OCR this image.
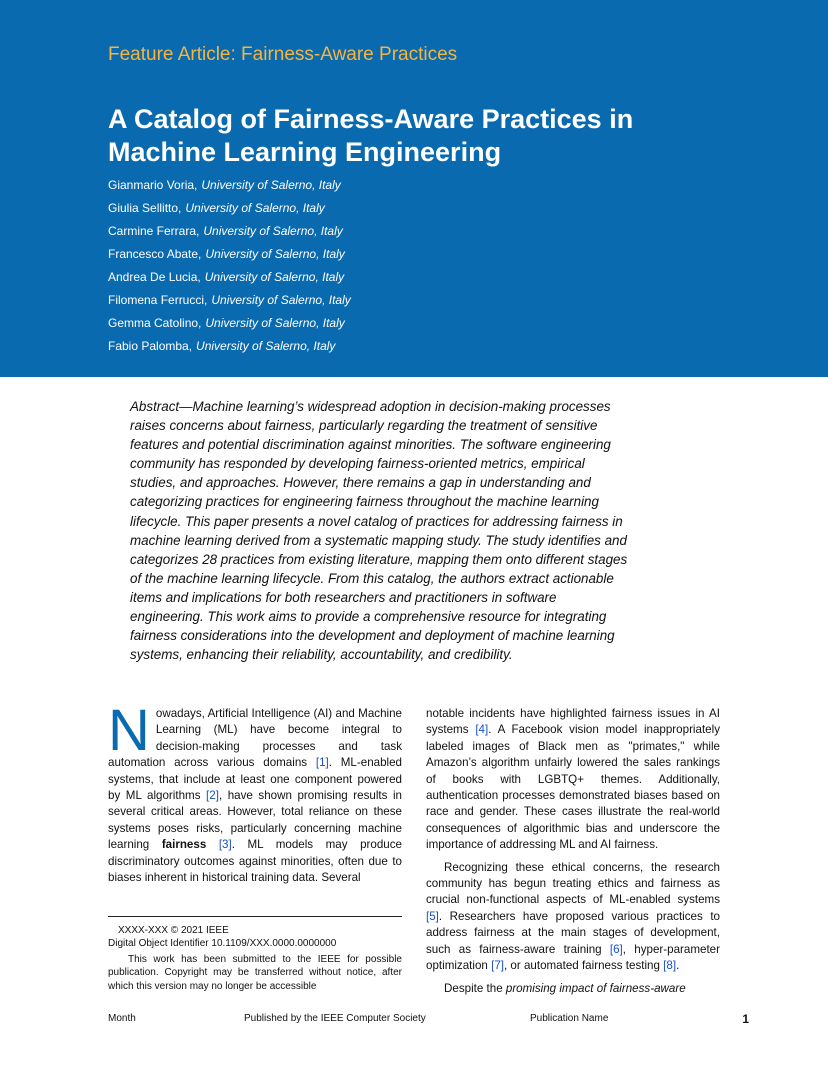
Feature Article: Fairness-Aware Practices
A Catalog of Fairness-Aware Practices in Machine Learning Engineering
Gianmario Voria, University of Salerno, Italy
Giulia Sellitto, University of Salerno, Italy
Carmine Ferrara, University of Salerno, Italy
Francesco Abate, University of Salerno, Italy
Andrea De Lucia, University of Salerno, Italy
Filomena Ferrucci, University of Salerno, Italy
Gemma Catolino, University of Salerno, Italy
Fabio Palomba, University of Salerno, Italy

Abstract—Machine learning’s widespread adoption in decision-making processes raises concerns about fairness, particularly regarding the treatment of sensitive features and potential discrimination against minorities. The software engineering community has responded by developing fairness-oriented metrics, empirical studies, and approaches. However, there remains a gap in understanding and categorizing practices for engineering fairness throughout the machine learning lifecycle. This paper presents a novel catalog of practices for addressing fairness in machine learning derived from a systematic mapping study. The study identifies and categorizes 28 practices from existing literature, mapping them onto different stages of the machine learning lifecycle. From this catalog, the authors extract actionable items and implications for both researchers and practitioners in software engineering. This work aims to provide a comprehensive resource for integrating fairness considerations into the development and deployment of machine learning systems, enhancing their reliability, accountability, and credibility.

Nowadays, Artificial Intelligence (AI) and Machine Learning (ML) have become integral to decision-making processes and task automation across various domains [1]. ML-enabled systems, that include at least one component powered by ML algorithms [2], have shown promising results in several critical areas. However, total reliance on these systems poses risks, particularly concerning machine learning fairness [3]. ML models may produce discriminatory outcomes against minorities, often due to biases inherent in historical training data. Several

XXXX-XXX © 2021 IEEE
Digital Object Identifier 10.1109/XXX.0000.0000000
This work has been submitted to the IEEE for possible publication. Copyright may be transferred without notice, after which this version may no longer be accessible

notable incidents have highlighted fairness issues in AI systems [4]. A Facebook vision model inappropriately labeled images of Black men as "primates," while Amazon’s algorithm unfairly lowered the sales rankings of books with LGBTQ+ themes. Additionally, authentication processes demonstrated biases based on race and gender. These cases illustrate the real-world consequences of algorithmic bias and underscore the importance of addressing ML and AI fairness.

Recognizing these ethical concerns, the research community has begun treating ethics and fairness as crucial non-functional aspects of ML-enabled systems [5]. Researchers have proposed various practices to address fairness at the main stages of development, such as fairness-aware training [6], hyper-parameter optimization [7], or automated fairness testing [8].

Despite the promising impact of fairness-aware

Month	Published by the IEEE Computer Society	Publication Name	1
